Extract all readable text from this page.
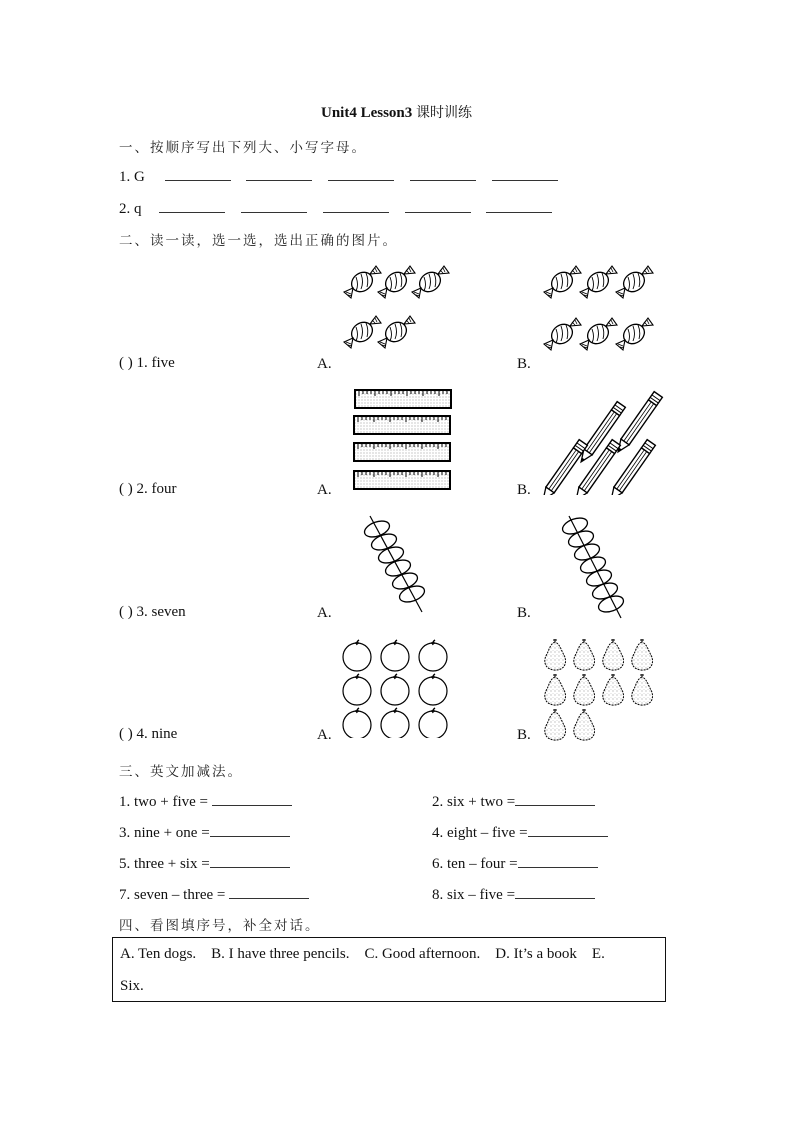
Unit4 Lesson3 课时训练
一、按顺序写出下列大、小写字母。
1. G
2. q
二、读一读，选一选，选出正确的图片。
( ) 1. five	A.	B.
( ) 2. four	A.	B.
( ) 3. seven	A.	B.
( ) 4. nine	A.	B.
三、英文加减法。
1. two + five =	2. six + two =
3. nine + one =	4. eight – five =
5. three + six =	6. ten – four =
7. seven – three =	8. six – five =
四、看图填序号，补全对话。
A. Ten dogs.    B. I have three pencils.    C. Good afternoon.    D. It’s a book    E.
Six.
